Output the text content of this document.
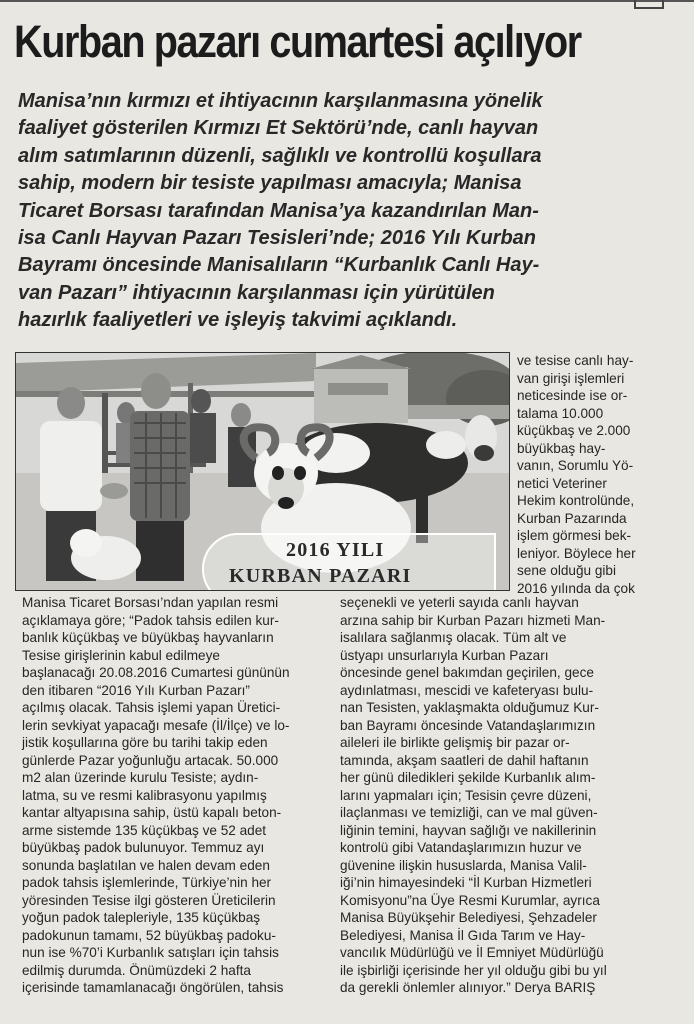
Kurban pazarı cumartesi açılıyor

Manisa’nın kırmızı et ihtiyacının karşılanmasına yönelik
faaliyet gösterilen Kırmızı Et Sektörü’nde, canlı hayvan
alım satımlarının düzenli, sağlıklı ve kontrollü koşullara
sahip, modern bir tesiste yapılması amacıyla; Manisa
Ticaret Borsası tarafından Manisa’ya kazandırılan Man-
isa Canlı Hayvan Pazarı Tesisleri’nde; 2016 Yılı Kurban
Bayramı öncesinde Manisalıların “Kurbanlık Canlı Hay-
van Pazarı” ihtiyacının karşılanması için yürütülen
hazırlık faaliyetleri ve işleyiş takvimi açıklandı.

2016 YILI
KURBAN PAZARI

ve tesise canlı hay-
van girişi işlemleri
neticesinde ise or-
talama 10.000
küçükbaş ve 2.000
büyükbaş hay-
vanın, Sorumlu Yö-
netici Veteriner
Hekim kontrolünde,
Kurban Pazarında
işlem görmesi bek-
leniyor. Böylece her
sene olduğu gibi
2016 yılında da çok

Manisa Ticaret Borsası’ndan yapılan resmi
açıklamaya göre; “Padok tahsis edilen kur-
banlık küçükbaş ve büyükbaş hayvanların
Tesise girişlerinin kabul edilmeye
başlanacağı 20.08.2016 Cumartesi gününün
den itibaren “2016 Yılı Kurban Pazarı”
açılmış olacak. Tahsis işlemi yapan Üretici-
lerin sevkiyat yapacağı mesafe (İl/İlçe) ve lo-
jistik koşullarına göre bu tarihi takip eden
günlerde Pazar yoğunluğu artacak. 50.000
m2 alan üzerinde kurulu Tesiste; aydın-
latma, su ve resmi kalibrasyonu yapılmış
kantar altyapısına sahip, üstü kapalı beton-
arme sistemde 135 küçükbaş ve 52 adet
büyükbaş padok bulunuyor. Temmuz ayı
sonunda başlatılan ve halen devam eden
padok tahsis işlemlerinde, Türkiye’nin her
yöresinden Tesise ilgi gösteren Üreticilerin
yoğun padok talepleriyle, 135 küçükbaş
padokunun tamamı, 52 büyükbaş padoku-
nun ise %70’i Kurbanlık satışları için tahsis
edilmiş durumda. Önümüzdeki 2 hafta
içerisinde tamamlanacağı öngörülen, tahsis

seçenekli ve yeterli sayıda canlı hayvan
arzına sahip bir Kurban Pazarı hizmeti Man-
isalılara sağlanmış olacak. Tüm alt ve
üstyapı unsurlarıyla Kurban Pazarı
öncesinde genel bakımdan geçirilen, gece
aydınlatması, mescidi ve kafeteryası bulu-
nan Tesisten, yaklaşmakta olduğumuz Kur-
ban Bayramı öncesinde Vatandaşlarımızın
aileleri ile birlikte gelişmiş bir pazar or-
tamında, akşam saatleri de dahil haftanın
her günü diledikleri şekilde Kurbanlık alım-
larını yapmaları için; Tesisin çevre düzeni,
ilaçlanması ve temizliği, can ve mal güven-
liğinin temini, hayvan sağlığı ve nakillerinin
kontrolü gibi Vatandaşlarımızın huzur ve
güvenine ilişkin hususlarda, Manisa Valil-
iği’nin himayesindeki “İl Kurban Hizmetleri
Komisyonu”na Üye Resmi Kurumlar, ayrıca
Manisa Büyükşehir Belediyesi, Şehzadeler
Belediyesi, Manisa İl Gıda Tarım ve Hay-
vancılık Müdürlüğü ve İl Emniyet Müdürlüğü
ile işbirliği içerisinde her yıl olduğu gibi bu yıl
da gerekli önlemler alınıyor.” Derya BARIŞ
